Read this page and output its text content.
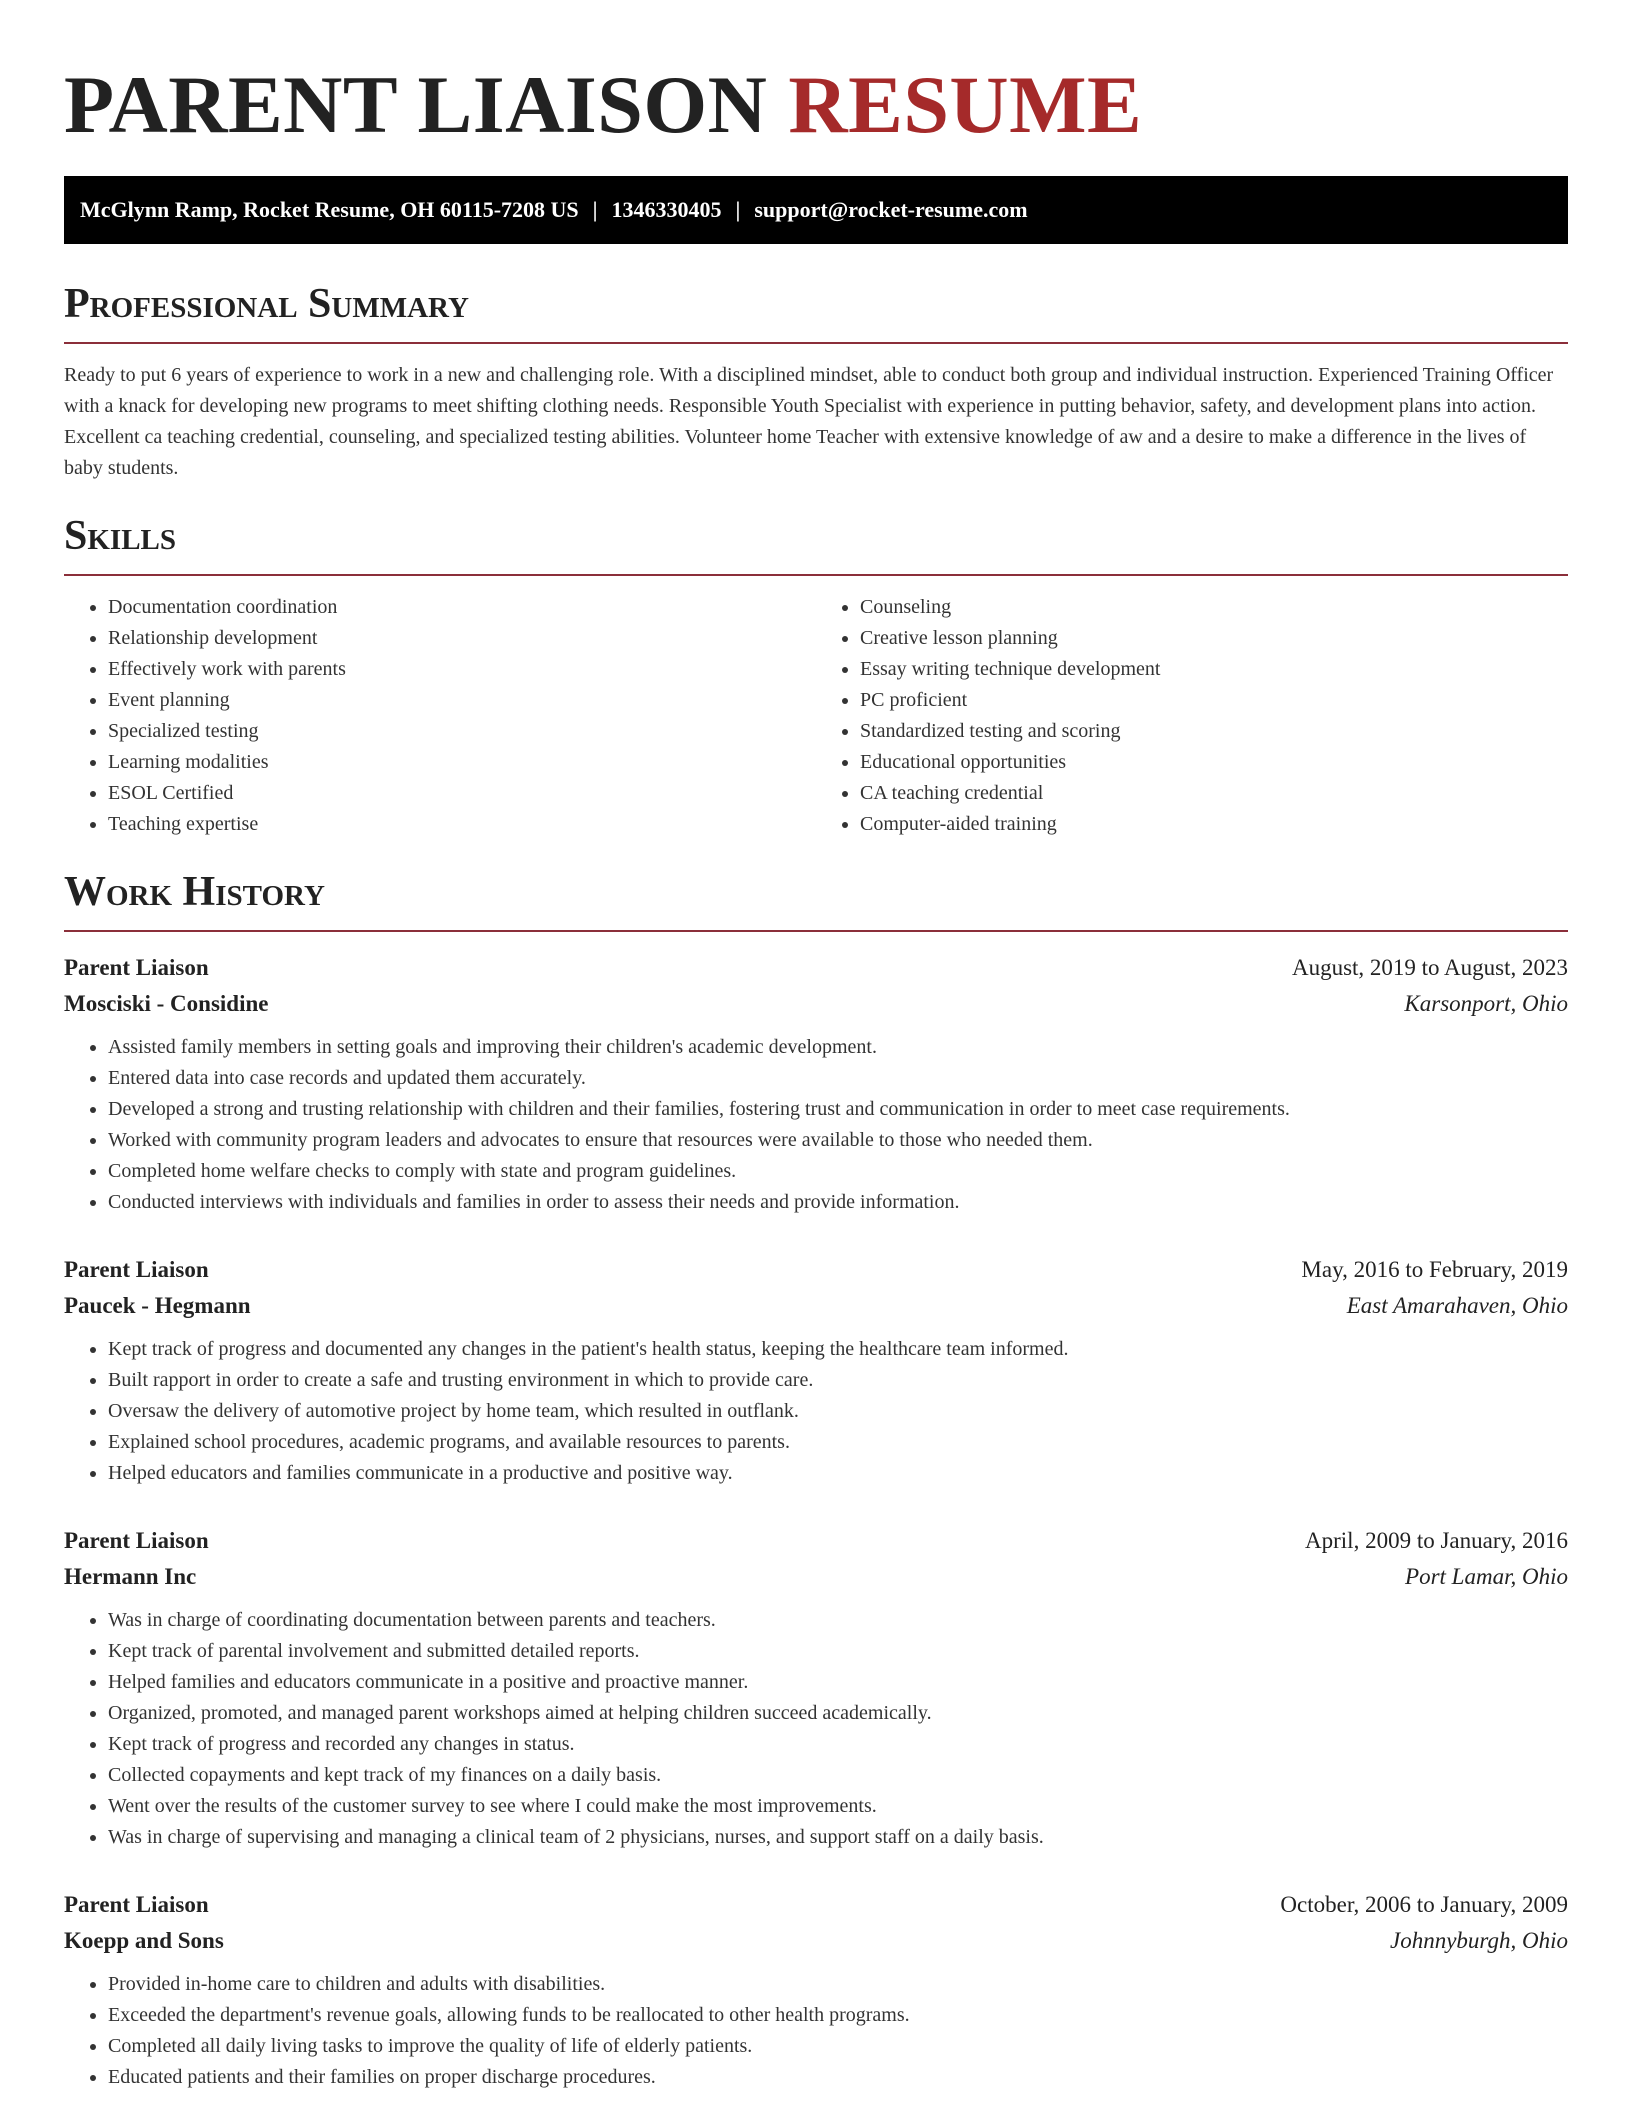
PARENT LIAISON RESUME
McGlynn Ramp, Rocket Resume, OH 60115-7208 US | 1346330405 | support@rocket-resume.com
Professional Summary

Ready to put 6 years of experience to work in a new and challenging role. With a disciplined mindset, able to conduct both group and individual instruction. Experienced Training Officer with a knack for developing new programs to meet shifting clothing needs. Responsible Youth Specialist with experience in putting behavior, safety, and development plans into action. Excellent ca teaching credential, counseling, and specialized testing abilities. Volunteer home Teacher with extensive knowledge of aw and a desire to make a difference in the lives of baby students.

Skills
• Documentation coordination
• Relationship development
• Effectively work with parents
• Event planning
• Specialized testing
• Learning modalities
• ESOL Certified
• Teaching expertise
• Counseling
• Creative lesson planning
• Essay writing technique development
• PC proficient
• Standardized testing and scoring
• Educational opportunities
• CA teaching credential
• Computer-aided training
Work History
Parent Liaison	August, 2019 to August, 2023
Mosciski - Considine	Karsonport, Ohio
• Assisted family members in setting goals and improving their children's academic development.
• Entered data into case records and updated them accurately.
• Developed a strong and trusting relationship with children and their families, fostering trust and communication in order to meet case requirements.
• Worked with community program leaders and advocates to ensure that resources were available to those who needed them.
• Completed home welfare checks to comply with state and program guidelines.
• Conducted interviews with individuals and families in order to assess their needs and provide information.
Parent Liaison	May, 2016 to February, 2019
Paucek - Hegmann	East Amarahaven, Ohio
• Kept track of progress and documented any changes in the patient's health status, keeping the healthcare team informed.
• Built rapport in order to create a safe and trusting environment in which to provide care.
• Oversaw the delivery of automotive project by home team, which resulted in outflank.
• Explained school procedures, academic programs, and available resources to parents.
• Helped educators and families communicate in a productive and positive way.
Parent Liaison	April, 2009 to January, 2016
Hermann Inc	Port Lamar, Ohio
• Was in charge of coordinating documentation between parents and teachers.
• Kept track of parental involvement and submitted detailed reports.
• Helped families and educators communicate in a positive and proactive manner.
• Organized, promoted, and managed parent workshops aimed at helping children succeed academically.
• Kept track of progress and recorded any changes in status.
• Collected copayments and kept track of my finances on a daily basis.
• Went over the results of the customer survey to see where I could make the most improvements.
• Was in charge of supervising and managing a clinical team of 2 physicians, nurses, and support staff on a daily basis.
Parent Liaison	October, 2006 to January, 2009
Koepp and Sons	Johnnyburgh, Ohio
• Provided in-home care to children and adults with disabilities.
• Exceeded the department's revenue goals, allowing funds to be reallocated to other health programs.
• Completed all daily living tasks to improve the quality of life of elderly patients.
• Educated patients and their families on proper discharge procedures.
